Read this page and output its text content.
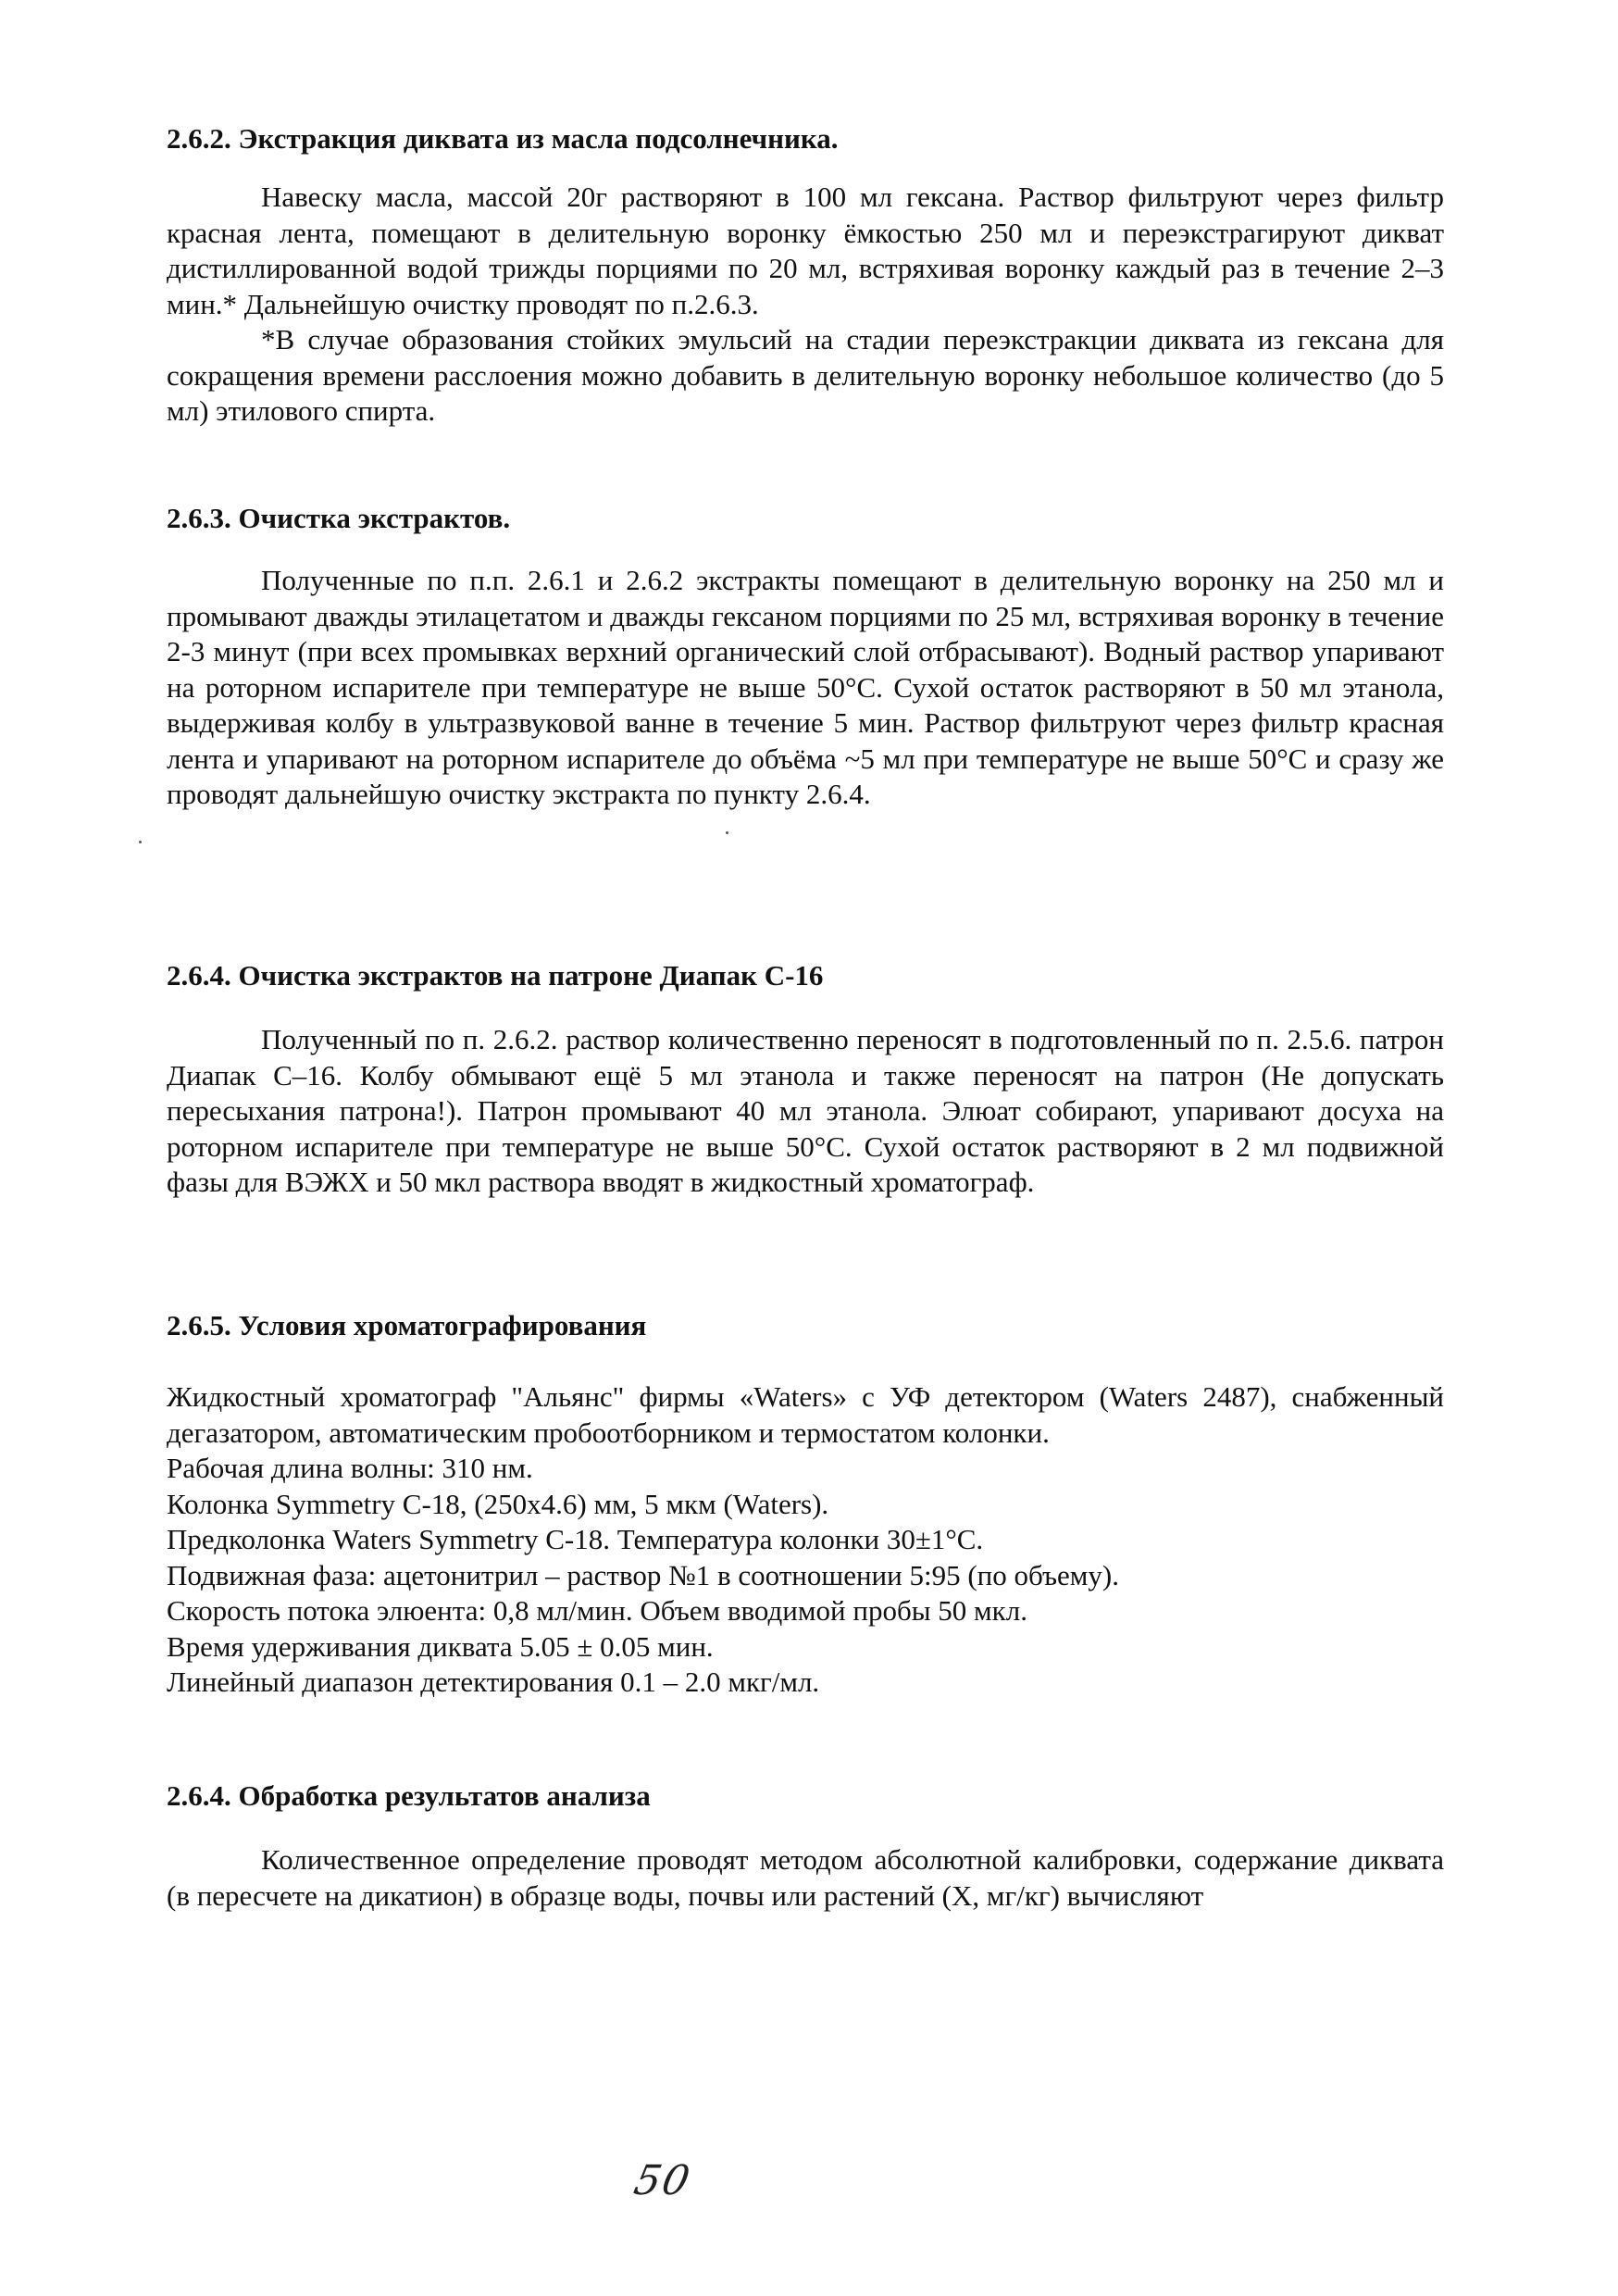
2.6.2. Экстракция диквата из масла подсолнечника.

Навеску масла, массой 20г растворяют в 100 мл гексана. Раствор фильтруют через фильтр красная лента, помещают в делительную воронку ёмкостью 250 мл и переэкстрагируют дикват дистиллированной водой трижды порциями по 20 мл, встряхивая воронку каждый раз в течение 2–3 мин.* Дальнейшую очистку проводят по п.2.6.3.

*В случае образования стойких эмульсий на стадии переэкстракции диквата из гексана для сокращения времени расслоения можно добавить в делительную воронку небольшое количество (до 5 мл) этилового спирта.

2.6.3. Очистка экстрактов.

Полученные по п.п. 2.6.1 и 2.6.2 экстракты помещают в делительную воронку на 250 мл и промывают дважды этилацетатом и дважды гексаном порциями по 25 мл, встряхивая воронку в течение 2-3 минут (при всех промывках верхний органический слой отбрасывают). Водный раствор упаривают на роторном испарителе при температуре не выше 50°С. Сухой остаток растворяют в 50 мл этанола, выдерживая колбу в ультразвуковой ванне в течение 5 мин. Раствор фильтруют через фильтр красная лента и упаривают на роторном испарителе до объёма ~5 мл при температуре не выше 50°С и сразу же проводят дальнейшую очистку экстракта по пункту 2.6.4.

2.6.4. Очистка экстрактов на патроне Диапак С-16

Полученный по п. 2.6.2. раствор количественно переносят в подготовленный по п. 2.5.6. патрон Диапак С–16. Колбу обмывают ещё 5 мл этанола и также переносят на патрон (Не допускать пересыхания патрона!). Патрон промывают 40 мл этанола. Элюат собирают, упаривают досуха на роторном испарителе при температуре не выше 50°С. Сухой остаток растворяют в 2 мл подвижной фазы для ВЭЖХ и 50 мкл раствора вводят в жидкостный хроматограф.

2.6.5. Условия хроматографирования

Жидкостный хроматограф "Альянс" фирмы «Waters» с УФ детектором (Waters 2487), снабженный дегазатором, автоматическим пробоотборником и термостатом колонки.

Рабочая длина волны: 310 нм.

Колонка Symmetry C-18, (250x4.6) мм, 5 мкм (Waters).

Предколонка Waters Symmetry C-18. Температура колонки 30±1°С.

Подвижная фаза: ацетонитрил – раствор №1 в соотношении 5:95 (по объему).

Скорость потока элюента: 0,8 мл/мин. Объем вводимой пробы 50 мкл.

Время удерживания диквата 5.05 ± 0.05 мин.

Линейный диапазон детектирования 0.1 – 2.0 мкг/мл.

2.6.4. Обработка результатов анализа

Количественное определение проводят методом абсолютной калибровки, содержание диквата (в пересчете на дикатион) в образце воды, почвы или растений (Х, мг/кг) вычисляют

50
